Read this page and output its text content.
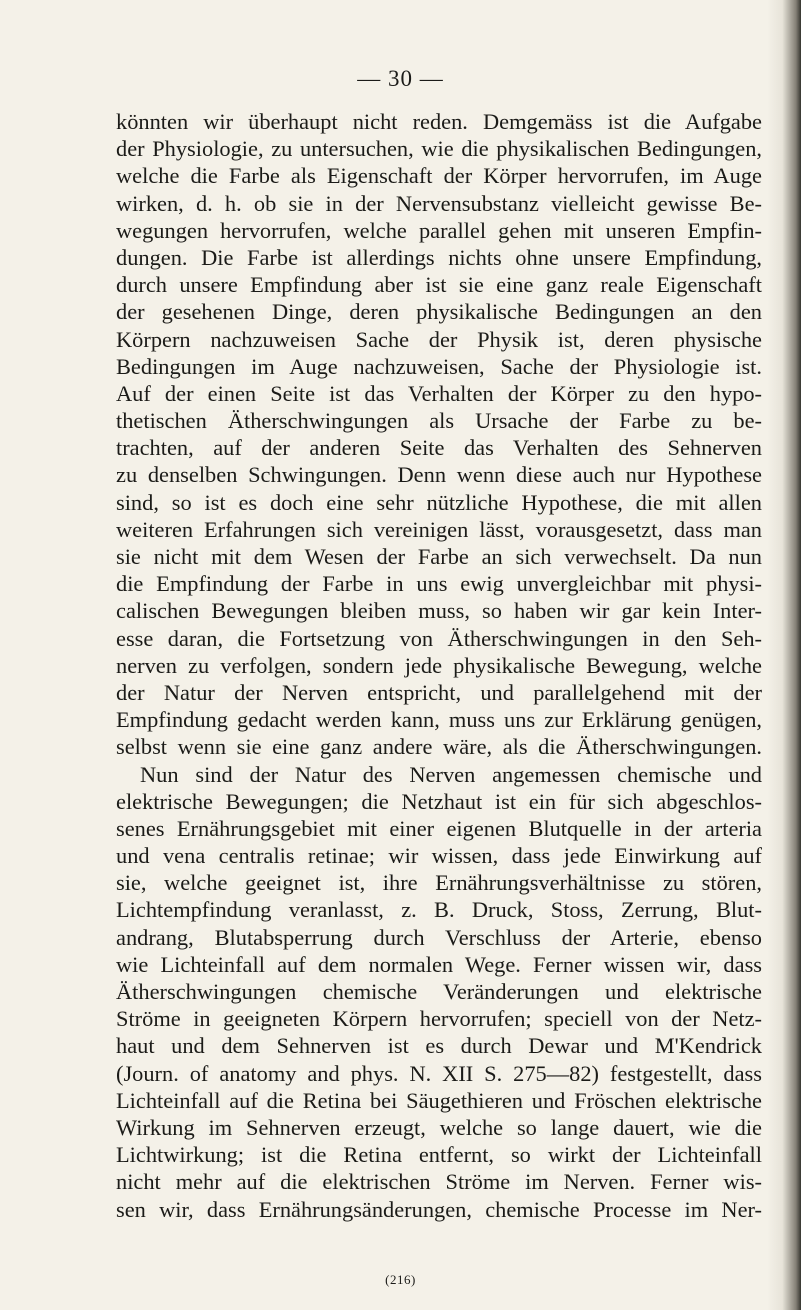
— 30 —
könnten wir überhaupt nicht reden. Demgemäss ist die Aufgabe
der Physiologie, zu untersuchen, wie die physikalischen Bedingungen,
welche die Farbe als Eigenschaft der Körper hervorrufen, im Auge
wirken, d. h. ob sie in der Nervensubstanz vielleicht gewisse Be-
wegungen hervorrufen, welche parallel gehen mit unseren Empfin-
dungen. Die Farbe ist allerdings nichts ohne unsere Empfindung,
durch unsere Empfindung aber ist sie eine ganz reale Eigenschaft
der gesehenen Dinge, deren physikalische Bedingungen an den
Körpern nachzuweisen Sache der Physik ist, deren physische
Bedingungen im Auge nachzuweisen, Sache der Physiologie ist.
Auf der einen Seite ist das Verhalten der Körper zu den hypo-
thetischen Ätherschwingungen als Ursache der Farbe zu be-
trachten, auf der anderen Seite das Verhalten des Sehnerven
zu denselben Schwingungen. Denn wenn diese auch nur Hypothese
sind, so ist es doch eine sehr nützliche Hypothese, die mit allen
weiteren Erfahrungen sich vereinigen lässt, vorausgesetzt, dass man
sie nicht mit dem Wesen der Farbe an sich verwechselt. Da nun
die Empfindung der Farbe in uns ewig unvergleichbar mit physi-
calischen Bewegungen bleiben muss, so haben wir gar kein Inter-
esse daran, die Fortsetzung von Ätherschwingungen in den Seh-
nerven zu verfolgen, sondern jede physikalische Bewegung, welche
der Natur der Nerven entspricht, und parallelgehend mit der
Empfindung gedacht werden kann, muss uns zur Erklärung genügen,
selbst wenn sie eine ganz andere wäre, als die Ätherschwingungen.
Nun sind der Natur des Nerven angemessen chemische und
elektrische Bewegungen; die Netzhaut ist ein für sich abgeschlos-
senes Ernährungsgebiet mit einer eigenen Blutquelle in der arteria
und vena centralis retinae; wir wissen, dass jede Einwirkung auf
sie, welche geeignet ist, ihre Ernährungsverhältnisse zu stören,
Lichtempfindung veranlasst, z. B. Druck, Stoss, Zerrung, Blut-
andrang, Blutabsperrung durch Verschluss der Arterie, ebenso
wie Lichteinfall auf dem normalen Wege. Ferner wissen wir, dass
Ätherschwingungen chemische Veränderungen und elektrische
Ströme in geeigneten Körpern hervorrufen; speciell von der Netz-
haut und dem Sehnerven ist es durch Dewar und M'Kendrick
(Journ. of anatomy and phys. N. XII S. 275—82) festgestellt, dass
Lichteinfall auf die Retina bei Säugethieren und Fröschen elektrische
Wirkung im Sehnerven erzeugt, welche so lange dauert, wie die
Lichtwirkung; ist die Retina entfernt, so wirkt der Lichteinfall
nicht mehr auf die elektrischen Ströme im Nerven. Ferner wis-
sen wir, dass Ernährungsänderungen, chemische Processe im Ner-
(216)
